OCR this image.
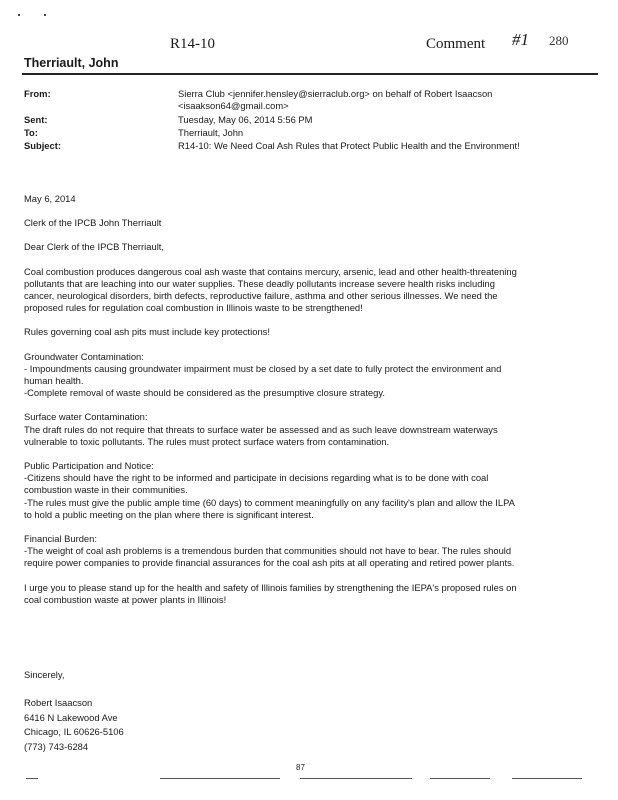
R14-10	Comment #1 280
Therriault, John
From:	Sierra Club <jennifer.hensley@sierraclub.org> on behalf of Robert Isaacson
<isaakson64@gmail.com>
Sent:	Tuesday, May 06, 2014 5:56 PM
To:	Therriault, John
Subject:	R14-10: We Need Coal Ash Rules that Protect Public Health and the Environment!

May 6, 2014

Clerk of the IPCB John Therriault

Dear Clerk of the IPCB Therriault,

Coal combustion produces dangerous coal ash waste that contains mercury, arsenic, lead and other health-threatening
pollutants that are leaching into our water supplies. These deadly pollutants increase severe health risks including
cancer, neurological disorders, birth defects, reproductive failure, asthma and other serious illnesses. We need the
proposed rules for regulation coal combustion in Illinois waste to be strengthened!

Rules governing coal ash pits must include key protections!

Groundwater Contamination:
- Impoundments causing groundwater impairment must be closed by a set date to fully protect the environment and
human health.
-Complete removal of waste should be considered as the presumptive closure strategy.

Surface water Contamination:
The draft rules do not require that threats to surface water be assessed and as such leave downstream waterways
vulnerable to toxic pollutants. The rules must protect surface waters from contamination.

Public Participation and Notice:
-Citizens should have the right to be informed and participate in decisions regarding what is to be done with coal
combustion waste in their communities.
-The rules must give the public ample time (60 days) to comment meaningfully on any facility's plan and allow the ILPA
to hold a public meeting on the plan where there is significant interest.

Financial Burden:
-The weight of coal ash problems is a tremendous burden that communities should not have to bear. The rules should
require power companies to provide financial assurances for the coal ash pits at all operating and retired power plants.

I urge you to please stand up for the health and safety of Illinois families by strengthening the IEPA's proposed rules on
coal combustion waste at power plants in Illinois!

Sincerely,
Robert Isaacson
6416 N Lakewood Ave
Chicago, IL 60626-5106
(773) 743-6284
87
